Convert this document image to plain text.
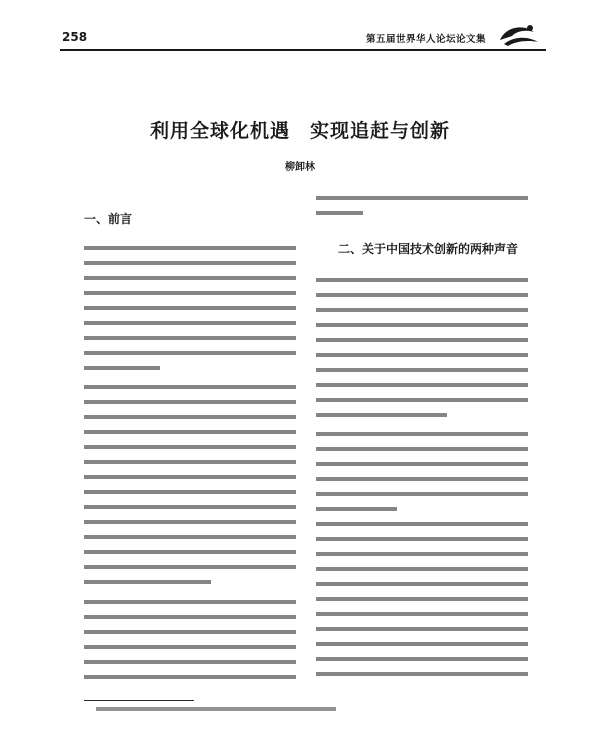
258	第五届世界华人论坛论文集
利用全球化机遇　实现追赶与创新
柳卸林
一、前言
二、关于中国技术创新的两种声音
